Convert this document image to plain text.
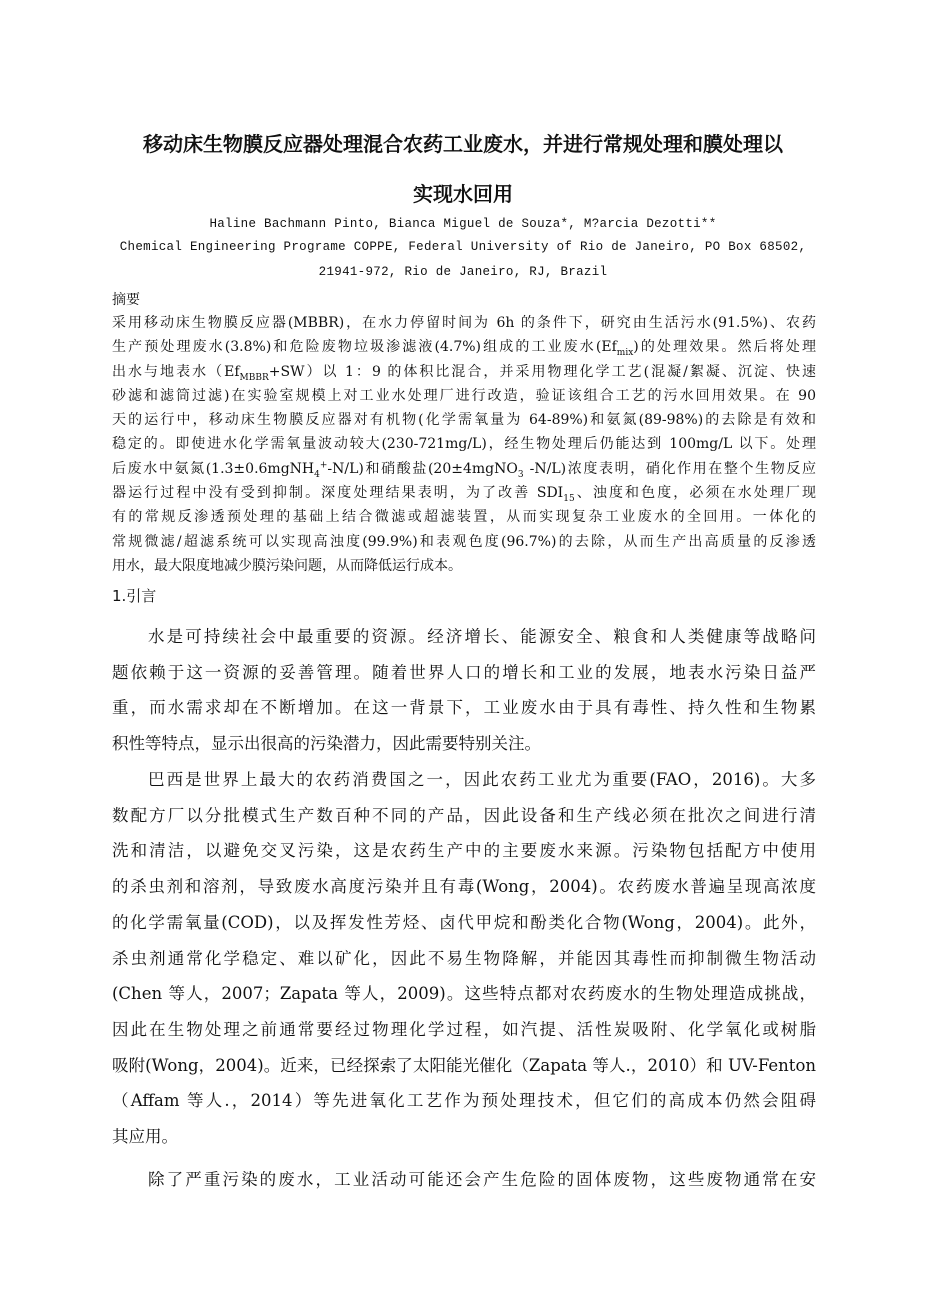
移动床生物膜反应器处理混合农药工业废水，并进行常规处理和膜处理以

实现水回用

Haline Bachmann Pinto, Bianca Miguel de Souza*, M?arcia Dezotti**

Chemical Engineering Programe COPPE, Federal University of Rio de Janeiro, PO Box 68502,

21941-972, Rio de Janeiro, RJ, Brazil

摘要

采用移动床生物膜反应器(MBBR)，在水力停留时间为 6h 的条件下，研究由生活污水(91.5%)、农药
生产预处理废水(3.8%)和危险废物垃圾渗滤液(4.7%)组成的工业废水$(Ef_{mix})$的处理效果。然后将处理
出水与地表水$(Ef_{MBBR}+SW)$以 1：9 的体积比混合，并采用物理化学工艺(混凝/絮凝、沉淀、快速
砂滤和滤筒过滤)在实验室规模上对工业水处理厂进行改造，验证该组合工艺的污水回用效果。在 90
天的运行中，移动床生物膜反应器对有机物(化学需氧量为 64-89%)和氨氮(89-98%)的去除是有效和
稳定的。即使进水化学需氧量波动较大(230-721mg/L)，经生物处理后仍能达到 100mg/L 以下。处理
后废水中氨氮(1.3±0.6mgNH$_4$+-N/L)和硝酸盐(20±4mgNO$_3$ -N/L)浓度表明，硝化作用在整个生物反应
器运行过程中没有受到抑制。深度处理结果表明，为了改善 $SDI_{15}$、浊度和色度，必须在水处理厂现
有的常规反渗透预处理的基础上结合微滤或超滤装置，从而实现复杂工业废水的全回用。一体化的
常规微滤/超滤系统可以实现高浊度(99.9%)和表观色度(96.7%)的去除，从而生产出高质量的反渗透
用水，最大限度地减少膜污染问题，从而降低运行成本。

1.引言

水是可持续社会中最重要的资源。经济增长、能源安全、粮食和人类健康等战略问
题依赖于这一资源的妥善管理。随着世界人口的增长和工业的发展，地表水污染日益严
重，而水需求却在不断增加。在这一背景下，工业废水由于具有毒性、持久性和生物累
积性等特点，显示出很高的污染潜力，因此需要特别关注。
巴西是世界上最大的农药消费国之一，因此农药工业尤为重要(FAO，2016)。大多
数配方厂以分批模式生产数百种不同的产品，因此设备和生产线必须在批次之间进行清
洗和清洁，以避免交叉污染，这是农药生产中的主要废水来源。污染物包括配方中使用
的杀虫剂和溶剂，导致废水高度污染并且有毒(Wong，2004)。农药废水普遍呈现高浓度
的化学需氧量(COD)，以及挥发性芳烃、卤代甲烷和酚类化合物(Wong，2004)。此外，
杀虫剂通常化学稳定、难以矿化，因此不易生物降解，并能因其毒性而抑制微生物活动
(Chen 等人，2007；Zapata 等人，2009)。这些特点都对农药废水的生物处理造成挑战，
因此在生物处理之前通常要经过物理化学过程，如汽提、活性炭吸附、化学氧化或树脂
吸附(Wong，2004)。近来，已经探索了太阳能光催化（Zapata 等人.，2010）和 UV-Fenton
（Affam 等人.，2014）等先进氧化工艺作为预处理技术，但它们的高成本仍然会阻碍
其应用。
除了严重污染的废水，工业活动可能还会产生危险的固体废物，这些废物通常在安
